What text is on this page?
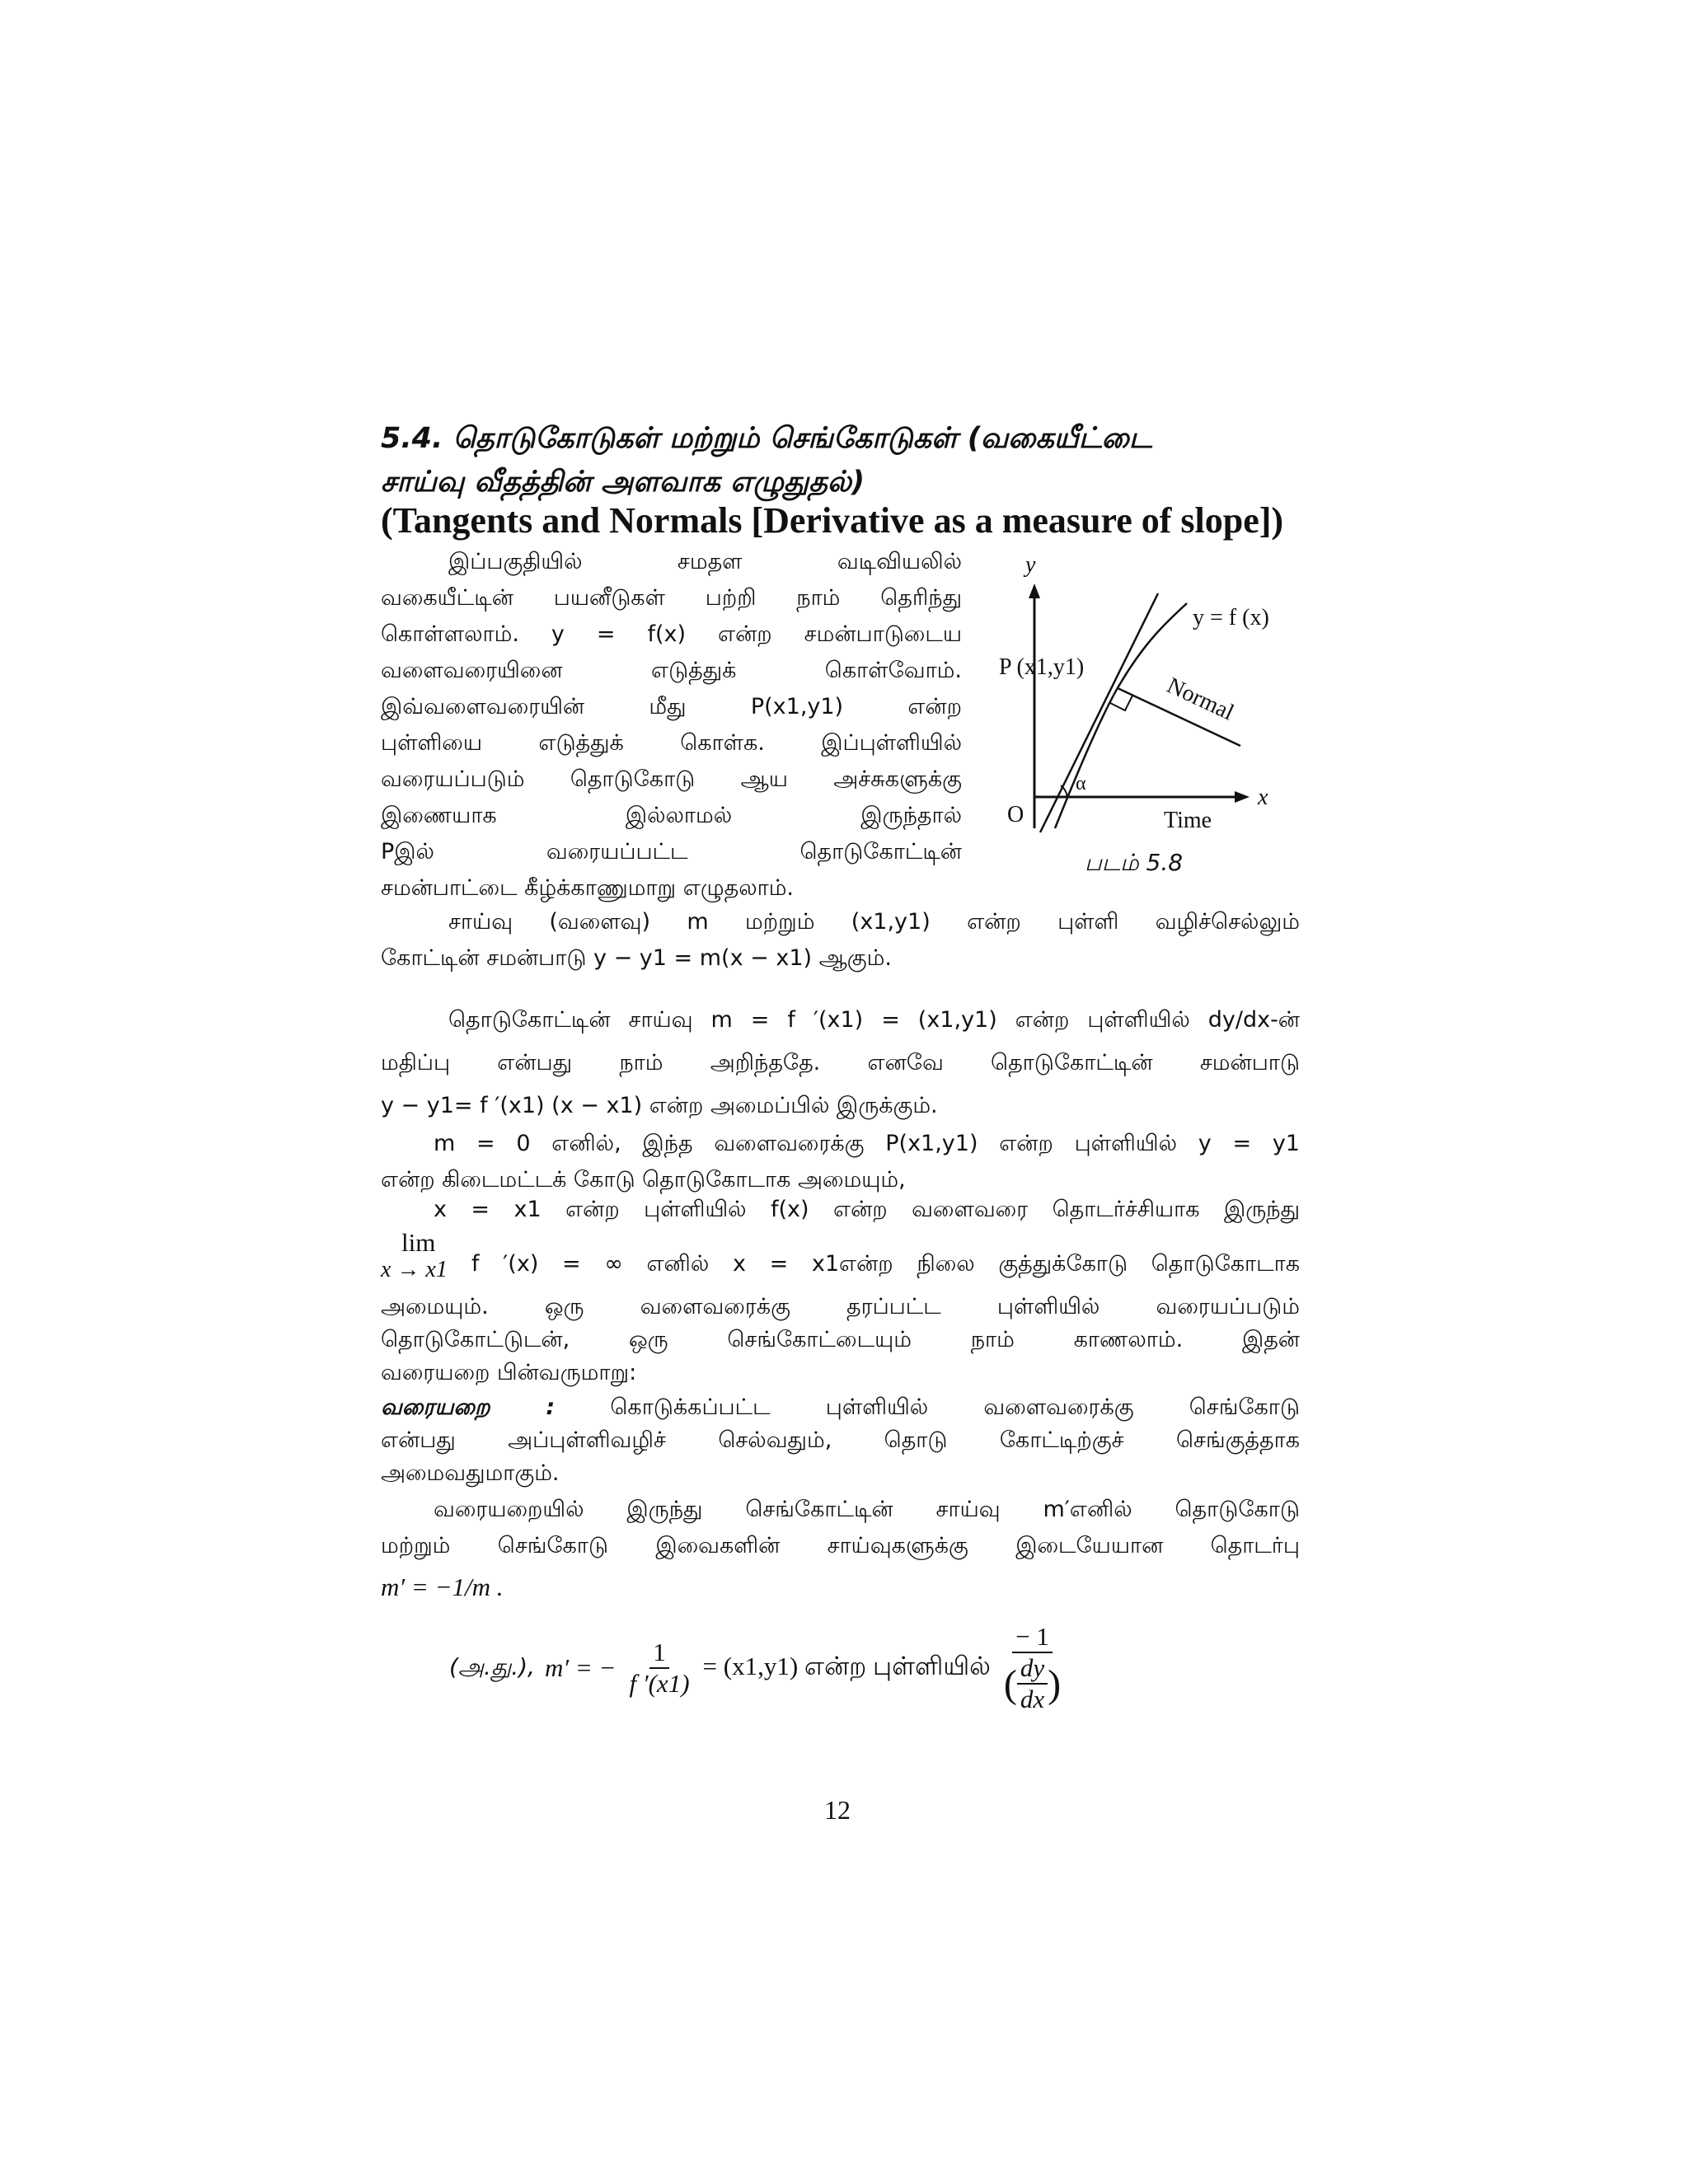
5.4. தொடுகோடுகள் மற்றும் செங்கோடுகள் (வகையீட்டை
சாய்வு வீதத்தின் அளவாக எழுதுதல்)
(Tangents and Normals [Derivative as a measure of slope])
இப்பகுதியில் சமதள வடிவியலில்
வகையீட்டின் பயனீடுகள் பற்றி நாம் தெரிந்து
கொள்ளலாம். y = f(x) என்ற சமன்பாடுடைய
வளைவரையினை எடுத்துக் கொள்வோம்.
இவ்வளைவரையின் மீது P(x1,y1) என்ற
புள்ளியை எடுத்துக் கொள்க. இப்புள்ளியில்
வரையப்படும் தொடுகோடு ஆய அச்சுகளுக்கு
இணையாக இல்லாமல் இருந்தால்
Pஇல் வரையப்பட்ட தொடுகோட்டின்
சமன்பாட்டை கீழ்க்காணுமாறு எழுதலாம்.
y
x
O
y = f (x)
P (x1,y1)
Normal
α
Time
படம் 5.8
சாய்வு (வளைவு) m மற்றும் (x1,y1) என்ற புள்ளி வழிச்செல்லும்
கோட்டின் சமன்பாடு y − y1 = m(x − x1) ஆகும்.
தொடுகோட்டின் சாய்வு m = f ′(x1) = (x1,y1) என்ற புள்ளியில் dy/dx-ன்
மதிப்பு என்பது நாம் அறிந்ததே. எனவே தொடுகோட்டின் சமன்பாடு
y − y1= f ′(x1) (x − x1) என்ற அமைப்பில் இருக்கும்.
m = 0 எனில், இந்த வளைவரைக்கு P(x1,y1) என்ற புள்ளியில் y = y1
என்ற கிடைமட்டக் கோடு தொடுகோடாக அமையும்,
x = x1 என்ற புள்ளியில் f(x) என்ற வளைவரை தொடர்ச்சியாக இருந்து
lim
x → x1	f ′(x) = ∞ எனில் x = x1என்ற நிலை குத்துக்கோடு தொடுகோடாக
அமையும். ஒரு வளைவரைக்கு தரப்பட்ட புள்ளியில் வரையப்படும்
தொடுகோட்டுடன், ஒரு செங்கோட்டையும் நாம் காணலாம். இதன்
வரையறை பின்வருமாறு:
வரையறை : கொடுக்கப்பட்ட புள்ளியில் வளைவரைக்கு செங்கோடு
என்பது அப்புள்ளிவழிச் செல்வதும், தொடு கோட்டிற்குச் செங்குத்தாக
அமைவதுமாகும்.
வரையறையில் இருந்து செங்கோட்டின் சாய்வு m′எனில் தொடுகோடு
மற்றும் செங்கோடு இவைகளின் சாய்வுகளுக்கு இடையேயான தொடர்பு
m′ = −1/m .
(அ.து.), m′ = − $\frac{1}{f '(x1)} = (x1,y1)$ என்ற புள்ளியில் $\frac{- 1}{( \frac{dy}{dx} )}$
12
